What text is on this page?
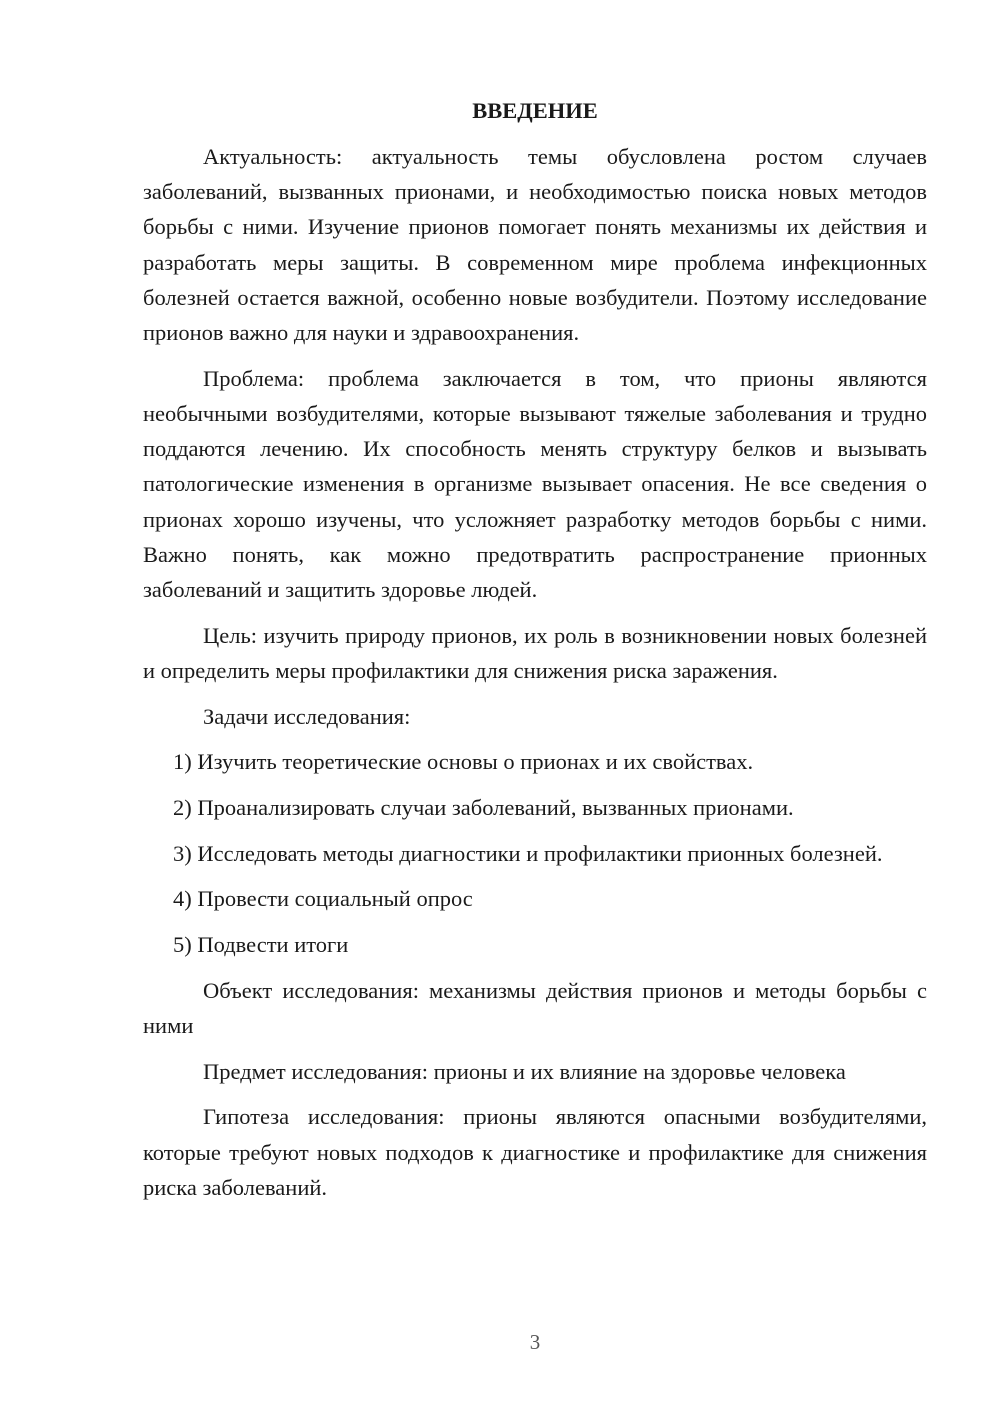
ВВЕДЕНИЕ

Актуальность: актуальность темы обусловлена ростом случаев заболеваний, вызванных прионами, и необходимостью поиска новых методов борьбы с ними. Изучение прионов помогает понять механизмы их действия и разработать меры защиты. В современном мире проблема инфекционных болезней остается важной, особенно новые возбудители. Поэтому исследование прионов важно для науки и здравоохранения.

Проблема: проблема заключается в том, что прионы являются необычными возбудителями, которые вызывают тяжелые заболевания и трудно поддаются лечению. Их способность менять структуру белков и вызывать патологические изменения в организме вызывает опасения. Не все сведения о прионах хорошо изучены, что усложняет разработку методов борьбы с ними. Важно понять, как можно предотвратить распространение прионных заболеваний и защитить здоровье людей.

Цель: изучить природу прионов, их роль в возникновении новых болезней и определить меры профилактики для снижения риска заражения.

Задачи исследования:

1) Изучить теоретические основы о прионах и их свойствах.

2) Проанализировать случаи заболеваний, вызванных прионами.

3) Исследовать методы диагностики и профилактики прионных болезней.

4) Провести социальный опрос

5) Подвести итоги

Объект исследования: механизмы действия прионов и методы борьбы с ними

Предмет исследования: прионы и их влияние на здоровье человека

Гипотеза исследования: прионы являются опасными возбудителями, которые требуют новых подходов к диагностике и профилактике для снижения риска заболеваний.

3
